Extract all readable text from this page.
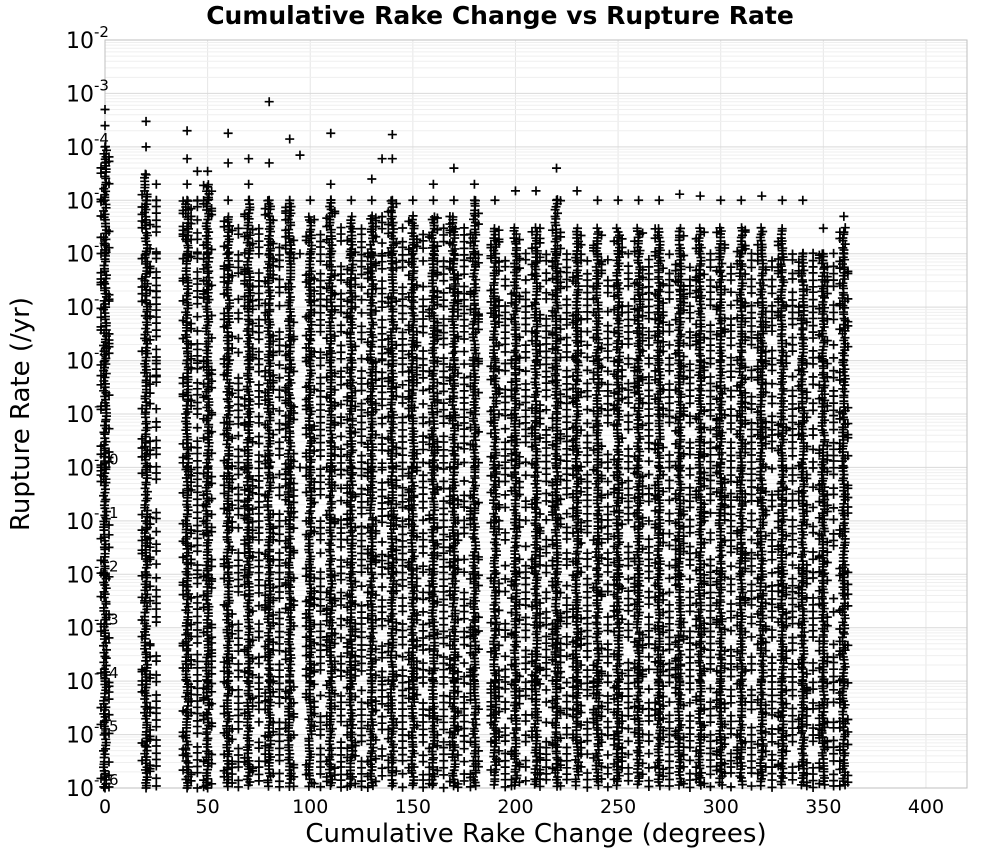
0	50	100	150	200	250	300	350	400
$10^{-2}$
$10^{-3}$
$10^{-4}$
$10^{-5}$
$10^{-6}$
$10^{-7}$
$10^{-8}$
$10^{-9}$
$10^{-10}$
$10^{-11}$
$10^{-12}$
$10^{-13}$
$10^{-14}$
$10^{-15}$
$10^{-16}$
Cumulative Rake Change vs Rupture Rate
Cumulative Rake Change (degrees)
Rupture Rate (/yr)
